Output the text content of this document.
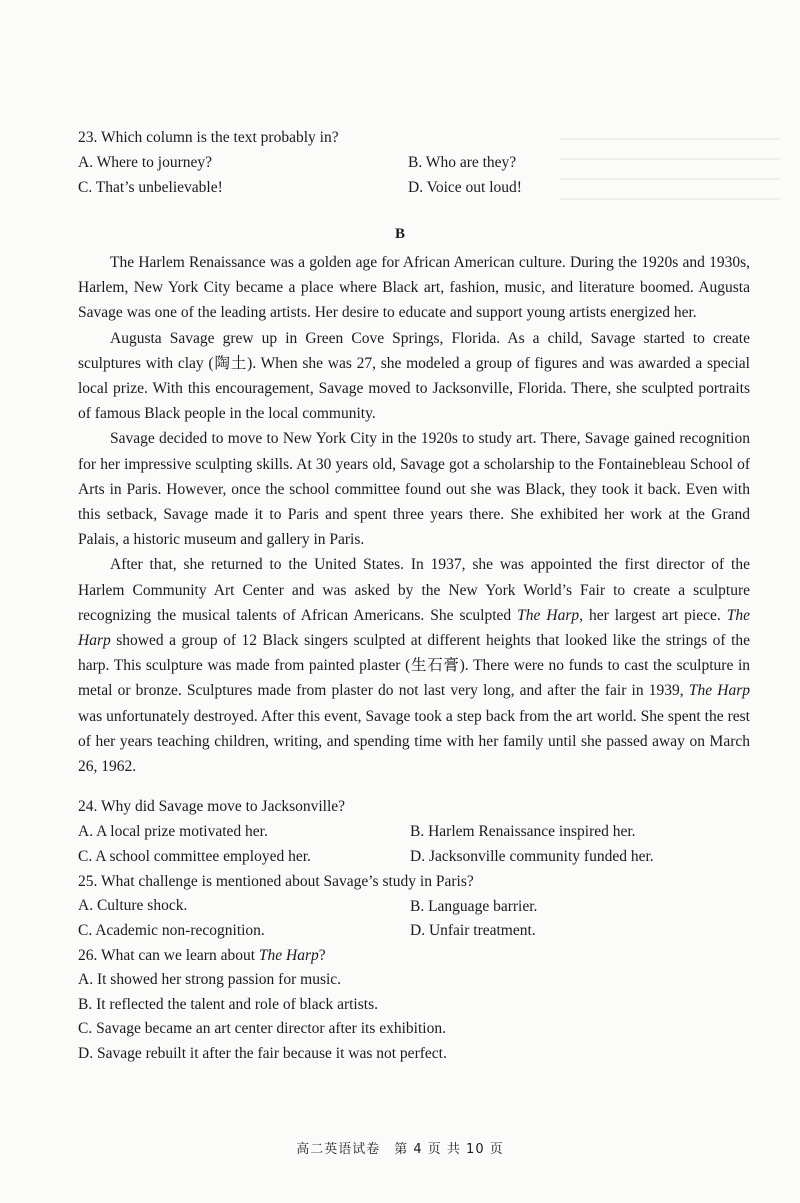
23. Which column is the text probably in?
A. Where to journey?	B. Who are they?
C. That’s unbelievable!	D. Voice out loud!
B

The Harlem Renaissance was a golden age for African American culture. During the 1920s and 1930s, Harlem, New York City became a place where Black art, fashion, music, and literature boomed. Augusta Savage was one of the leading artists. Her desire to educate and support young artists energized her.

Augusta Savage grew up in Green Cove Springs, Florida. As a child, Savage started to create sculptures with clay (陶土). When she was 27, she modeled a group of figures and was awarded a special local prize. With this encouragement, Savage moved to Jacksonville, Florida. There, she sculpted portraits of famous Black people in the local community.

Savage decided to move to New York City in the 1920s to study art. There, Savage gained recognition for her impressive sculpting skills. At 30 years old, Savage got a scholarship to the Fontainebleau School of Arts in Paris. However, once the school committee found out she was Black, they took it back. Even with this setback, Savage made it to Paris and spent three years there. She exhibited her work at the Grand Palais, a historic museum and gallery in Paris.

After that, she returned to the United States. In 1937, she was appointed the first director of the Harlem Community Art Center and was asked by the New York World’s Fair to create a sculpture recognizing the musical talents of African Americans. She sculpted The Harp, her largest art piece. The Harp showed a group of 12 Black singers sculpted at different heights that looked like the strings of the harp. This sculpture was made from painted plaster (生石膏). There were no funds to cast the sculpture in metal or bronze. Sculptures made from plaster do not last very long, and after the fair in 1939, The Harp was unfortunately destroyed. After this event, Savage took a step back from the art world. She spent the rest of her years teaching children, writing, and spending time with her family until she passed away on March 26, 1962.

24. Why did Savage move to Jacksonville?
A. A local prize motivated her.	B. Harlem Renaissance inspired her.
C. A school committee employed her.	D. Jacksonville community funded her.
25. What challenge is mentioned about Savage’s study in Paris?
A. Culture shock.	B. Language barrier.
C. Academic non-recognition.	D. Unfair treatment.
26. What can we learn about The Harp?
A. It showed her strong passion for music.
B. It reflected the talent and role of black artists.
C. Savage became an art center director after its exhibition.
D. Savage rebuilt it after the fair because it was not perfect.
高二英语试卷　第 4 页 共 10 页
